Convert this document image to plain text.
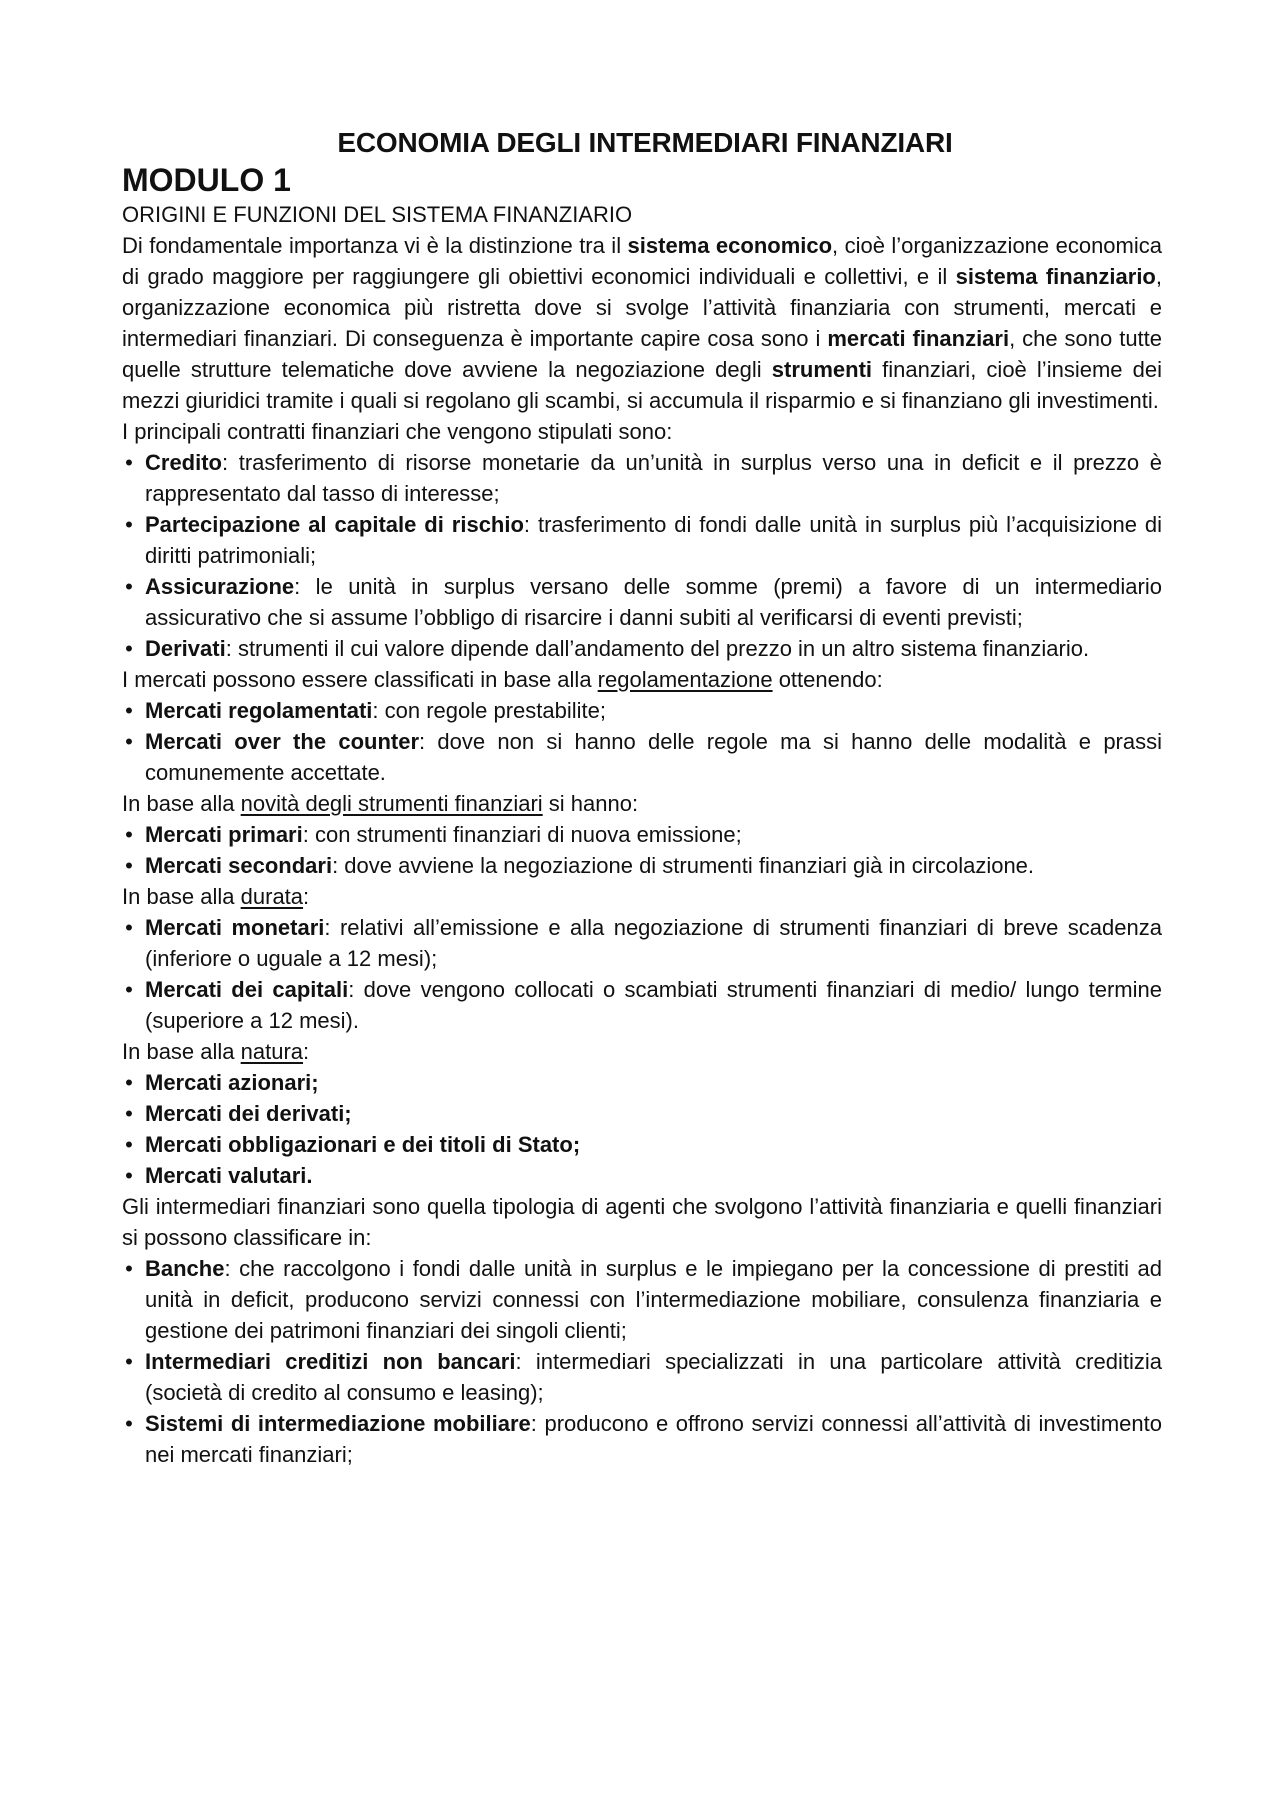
ECONOMIA DEGLI INTERMEDIARI FINANZIARI
MODULO 1
ORIGINI E FUNZIONI DEL SISTEMA FINANZIARIO

Di fondamentale importanza vi è la distinzione tra il sistema economico, cioè l’organizzazione economica di grado maggiore per raggiungere gli obiettivi economici individuali e collettivi, e il sistema finanziario, organizzazione economica più ristretta dove si svolge l’attività finanziaria con strumenti, mercati e intermediari finanziari. Di conseguenza è importante capire cosa sono i mercati finanziari, che sono tutte quelle strutture telematiche dove avviene la negoziazione degli strumenti finanziari, cioè l’insieme dei mezzi giuridici tramite i quali si regolano gli scambi, si accumula il risparmio e si finanziano gli investimenti.

I principali contratti finanziari che vengono stipulati sono:

• Credito: trasferimento di risorse monetarie da un’unità in surplus verso una in deficit e il prezzo è rappresentato dal tasso di interesse;
• Partecipazione al capitale di rischio: trasferimento di fondi dalle unità in surplus più l’acquisizione di diritti patrimoniali;
• Assicurazione: le unità in surplus versano delle somme (premi) a favore di un intermediario assicurativo che si assume l’obbligo di risarcire i danni subiti al verificarsi di eventi previsti;
• Derivati: strumenti il cui valore dipende dall’andamento del prezzo in un altro sistema finanziario.

I mercati possono essere classificati in base alla regolamentazione ottenendo:

• Mercati regolamentati: con regole prestabilite;
• Mercati over the counter: dove non si hanno delle regole ma si hanno delle modalità e prassi comunemente accettate.

In base alla novità degli strumenti finanziari si hanno:

• Mercati primari: con strumenti finanziari di nuova emissione;
• Mercati secondari: dove avviene la negoziazione di strumenti finanziari già in circolazione.

In base alla durata:

• Mercati monetari: relativi all’emissione e alla negoziazione di strumenti finanziari di breve scadenza (inferiore o uguale a 12 mesi);
• Mercati dei capitali: dove vengono collocati o scambiati strumenti finanziari di medio/ lungo termine (superiore a 12 mesi).

In base alla natura:

• Mercati azionari;
• Mercati dei derivati;
• Mercati obbligazionari e dei titoli di Stato;
• Mercati valutari.

Gli intermediari finanziari sono quella tipologia di agenti che svolgono l’attività finanziaria e quelli finanziari si possono classificare in:

• Banche: che raccolgono i fondi dalle unità in surplus e le impiegano per la concessione di prestiti ad unità in deficit, producono servizi connessi con l’intermediazione mobiliare, consulenza finanziaria e gestione dei patrimoni finanziari dei singoli clienti;
• Intermediari creditizi non bancari: intermediari specializzati in una particolare attività creditizia (società di credito al consumo e leasing);
• Sistemi di intermediazione mobiliare: producono e offrono servizi connessi all’attività di investimento nei mercati finanziari;
